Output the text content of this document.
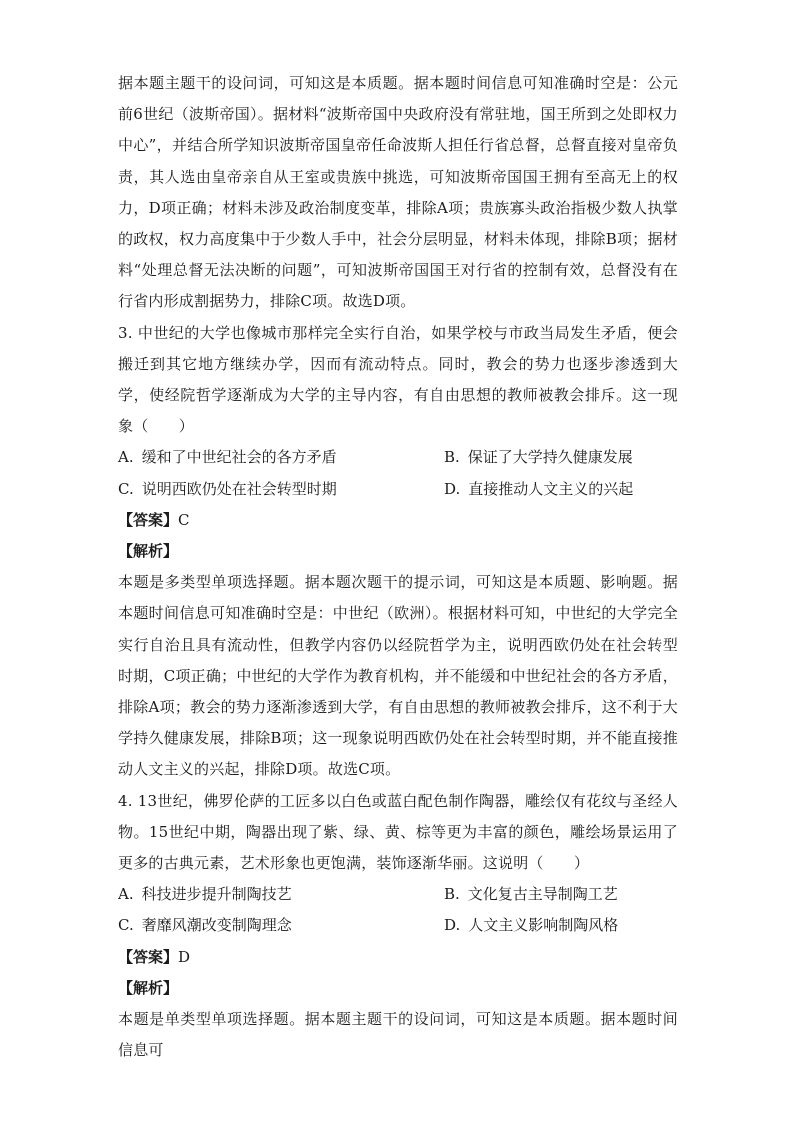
据本题主题干的设问词，可知这是本质题。据本题时间信息可知准确时空是：公元前6世纪（波斯帝国）。据材料“波斯帝国中央政府没有常驻地，国王所到之处即权力中心”，并结合所学知识波斯帝国皇帝任命波斯人担任行省总督，总督直接对皇帝负责，其人选由皇帝亲自从王室或贵族中挑选，可知波斯帝国国王拥有至高无上的权力，D项正确；材料未涉及政治制度变革，排除A项；贵族寡头政治指极少数人执掌的政权，权力高度集中于少数人手中，社会分层明显，材料未体现，排除B项；据材料“处理总督无法决断的问题”，可知波斯帝国国王对行省的控制有效，总督没有在行省内形成割据势力，排除C项。故选D项。

3. 中世纪的大学也像城市那样完全实行自治，如果学校与市政当局发生矛盾，便会搬迁到其它地方继续办学，因而有流动特点。同时，教会的势力也逐步渗透到大学，使经院哲学逐渐成为大学的主导内容，有自由思想的教师被教会排斥。这一现象（　　）

A. 缓和了中世纪社会的各方矛盾	B. 保证了大学持久健康发展
C. 说明西欧仍处在社会转型时期	D. 直接推动人文主义的兴起
【答案】C
【解析】

本题是多类型单项选择题。据本题次题干的提示词，可知这是本质题、影响题。据本题时间信息可知准确时空是：中世纪（欧洲）。根据材料可知，中世纪的大学完全实行自治且具有流动性，但教学内容仍以经院哲学为主，说明西欧仍处在社会转型时期，C项正确；中世纪的大学作为教育机构，并不能缓和中世纪社会的各方矛盾，排除A项；教会的势力逐渐渗透到大学，有自由思想的教师被教会排斥，这不利于大学持久健康发展，排除B项；这一现象说明西欧仍处在社会转型时期，并不能直接推动人文主义的兴起，排除D项。故选C项。

4. 13世纪，佛罗伦萨的工匠多以白色或蓝白配色制作陶器，雕绘仅有花纹与圣经人物。15世纪中期，陶器出现了紫、绿、黄、棕等更为丰富的颜色，雕绘场景运用了更多的古典元素，艺术形象也更饱满，装饰逐渐华丽。这说明（　　）

A. 科技进步提升制陶技艺	B. 文化复古主导制陶工艺
C. 奢靡风潮改变制陶理念	D. 人文主义影响制陶风格
【答案】D
【解析】

本题是单类型单项选择题。据本题主题干的设问词，可知这是本质题。据本题时间信息可
